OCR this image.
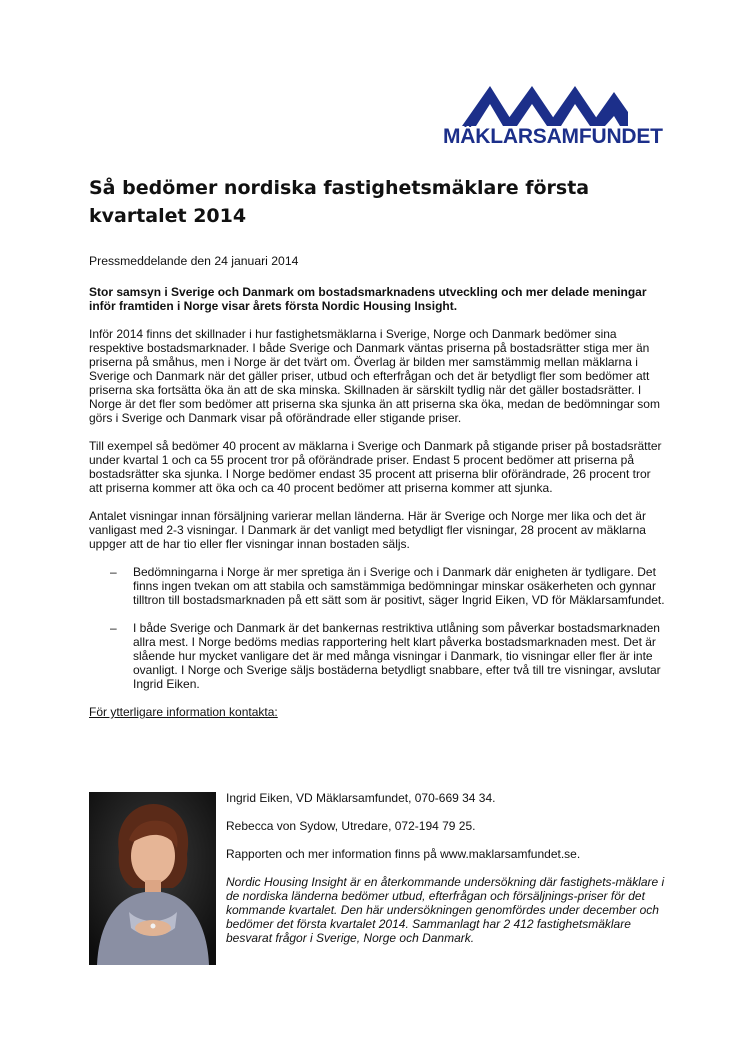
MÄKLARSAMFUNDET
Så bedömer nordiska fastighetsmäklare första kvartalet 2014
Pressmeddelande den 24 januari 2014
Stor samsyn i Sverige och Danmark om bostadsmarknadens utveckling och mer delade meningar inför framtiden i Norge visar årets första Nordic Housing Insight.

Inför 2014 finns det skillnader i hur fastighetsmäklarna i Sverige, Norge och Danmark bedömer sina respektive bostadsmarknader. I både Sverige och Danmark väntas priserna på bostadsrätter stiga mer än priserna på småhus, men i Norge är det tvärt om. Överlag är bilden mer samstämmig mellan mäklarna i Sverige och Danmark när det gäller priser, utbud och efterfrågan och det är betydligt fler som bedömer att priserna ska fortsätta öka än att de ska minska. Skillnaden är särskilt tydlig när det gäller bostadsrätter. I Norge är det fler som bedömer att priserna ska sjunka än att priserna ska öka, medan de bedömningar som görs i Sverige och Danmark visar på oförändrade eller stigande priser.

Till exempel så bedömer 40 procent av mäklarna i Sverige och Danmark på stigande priser på bostadsrätter under kvartal 1 och ca 55 procent tror på oförändrade priser. Endast 5 procent bedömer att priserna på bostadsrätter ska sjunka. I Norge bedömer endast 35 procent att priserna blir oförändrade, 26 procent tror att priserna kommer att öka och ca 40 procent bedömer att priserna kommer att sjunka.

Antalet visningar innan försäljning varierar mellan länderna. Här är Sverige och Norge mer lika och det är vanligast med 2-3 visningar. I Danmark är det vanligt med betydligt fler visningar, 28 procent av mäklarna uppger att de har tio eller fler visningar innan bostaden säljs.

– Bedömningarna i Norge är mer spretiga än i Sverige och i Danmark där enigheten är tydligare. Det finns ingen tvekan om att stabila och samstämmiga bedömningar minskar osäkerheten och gynnar tilltron till bostadsmarknaden på ett sätt som är positivt, säger Ingrid Eiken, VD för Mäklarsamfundet.
– I både Sverige och Danmark är det bankernas restriktiva utlåning som påverkar bostadsmarknaden allra mest. I Norge bedöms medias rapportering helt klart påverka bostadsmarknaden mest. Det är slående hur mycket vanligare det är med många visningar i Danmark, tio visningar eller fler är inte ovanligt. I Norge och Sverige säljs bostäderna betydligt snabbare, efter två till tre visningar, avslutar Ingrid Eiken.
För ytterligare information kontakta:

Ingrid Eiken, VD Mäklarsamfundet, 070-669 34 34.

Rebecca von Sydow, Utredare, 072-194 79 25.

Rapporten och mer information finns på www.maklarsamfundet.se.

Nordic Housing Insight är en återkommande undersökning där fastighets-mäklare i de nordiska länderna bedömer utbud, efterfrågan och försäljnings-priser för det kommande kvartalet. Den här undersökningen genomfördes under december och bedömer det första kvartalet 2014. Sammanlagt har 2 412 fastighetsmäklare besvarat frågor i Sverige, Norge och Danmark.
